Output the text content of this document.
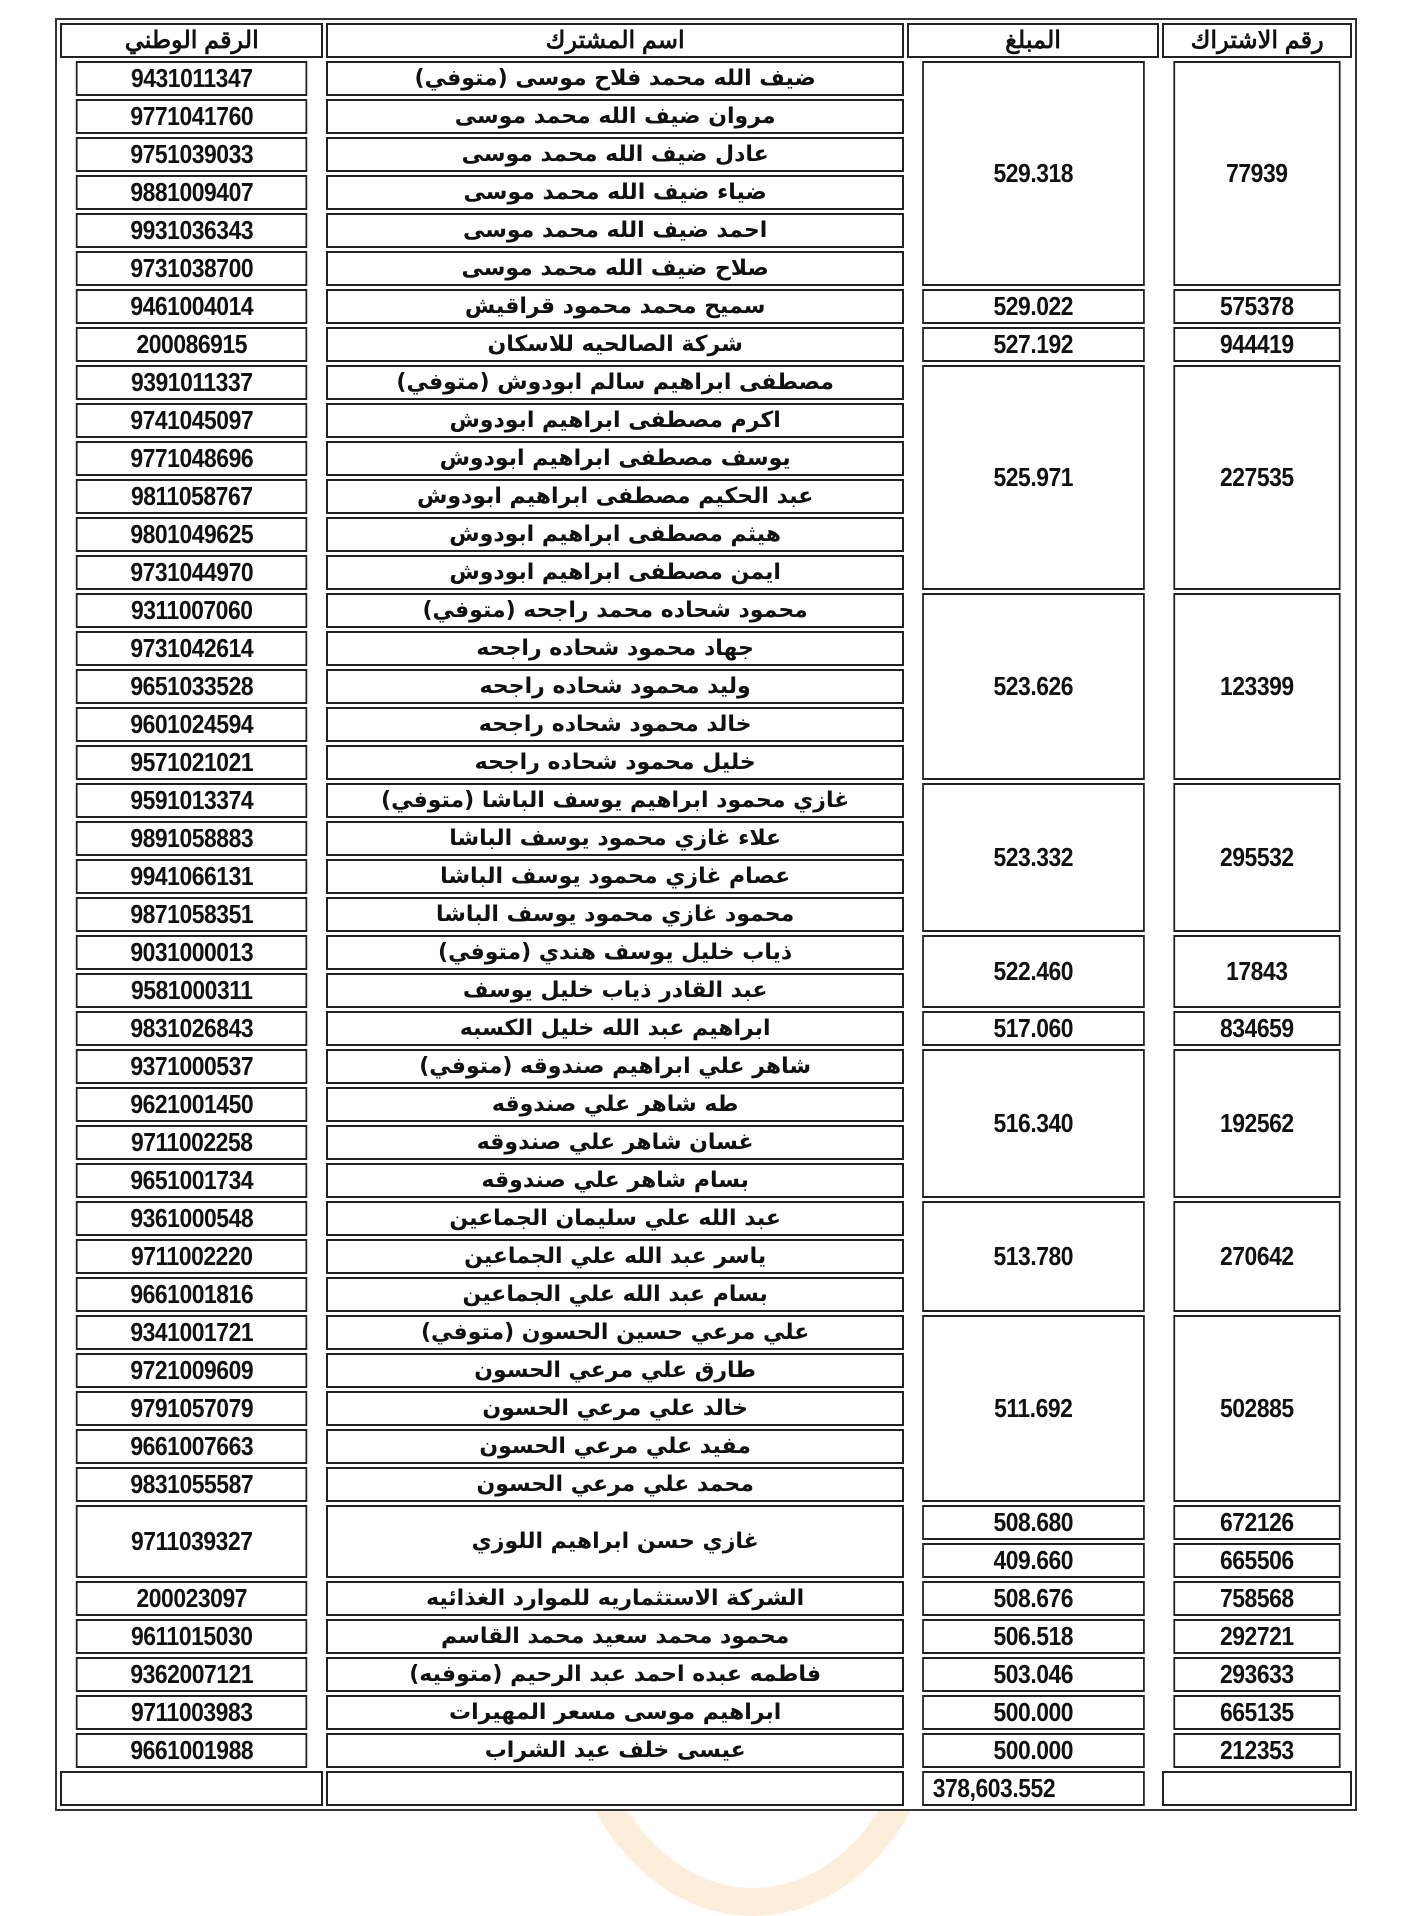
رقم الاشتراك	المبلغ	اسم المشترك	الرقم الوطني
77939	529.318	ضيف الله محمد فلاح موسى (متوفي)	9431011347
		مروان ضيف الله محمد موسى	9771041760
		عادل ضيف الله محمد موسى	9751039033
		ضياء ضيف الله محمد موسى	9881009407
		احمد ضيف الله محمد موسى	9931036343
		صلاح ضيف الله محمد موسى	9731038700
575378	529.022	سميح محمد محمود قراقيش	9461004014
944419	527.192	شركة الصالحيه للاسكان	200086915
227535	525.971	مصطفى ابراهيم سالم ابودوش (متوفي)	9391011337
		اكرم مصطفى ابراهيم ابودوش	9741045097
		يوسف مصطفى ابراهيم ابودوش	9771048696
		عبد الحكيم مصطفى ابراهيم ابودوش	9811058767
		هيثم مصطفى ابراهيم ابودوش	9801049625
		ايمن مصطفى ابراهيم ابودوش	9731044970
123399	523.626	محمود شحاده محمد راجحه (متوفي)	9311007060
		جهاد محمود شحاده راجحه	9731042614
		وليد محمود شحاده راجحه	9651033528
		خالد محمود شحاده راجحه	9601024594
		خليل محمود شحاده راجحه	9571021021
295532	523.332	غازي محمود ابراهيم يوسف الباشا (متوفي)	9591013374
		علاء غازي محمود يوسف الباشا	9891058883
		عصام غازي محمود يوسف الباشا	9941066131
		محمود غازي محمود يوسف الباشا	9871058351
17843	522.460	ذياب خليل يوسف هندي (متوفي)	9031000013
		عبد القادر ذياب خليل يوسف	9581000311
834659	517.060	ابراهيم عبد الله خليل الكسبه	9831026843
192562	516.340	شاهر علي ابراهيم صندوقه (متوفي)	9371000537
		طه شاهر علي صندوقه	9621001450
		غسان شاهر علي صندوقه	9711002258
		بسام شاهر علي صندوقه	9651001734
270642	513.780	عبد الله علي سليمان الجماعين	9361000548
		ياسر عبد الله علي الجماعين	9711002220
		بسام عبد الله علي الجماعين	9661001816
502885	511.692	علي مرعي حسين الحسون (متوفي)	9341001721
		طارق علي مرعي الحسون	9721009609
		خالد علي مرعي الحسون	9791057079
		مفيد علي مرعي الحسون	9661007663
		محمد علي مرعي الحسون	9831055587
672126	508.680	غازي حسن ابراهيم اللوزي	9711039327
665506	409.660		
758568	508.676	الشركة الاستثماريه للموارد الغذائيه	200023097
292721	506.518	محمود محمد سعيد محمد القاسم	9611015030
293633	503.046	فاطمه عبده احمد عبد الرحيم (متوفيه)	9362007121
665135	500.000	ابراهيم موسى مسعر المهيرات	9711003983
212353	500.000	عيسى خلف عيد الشراب	9661001988
	378,603.552		
